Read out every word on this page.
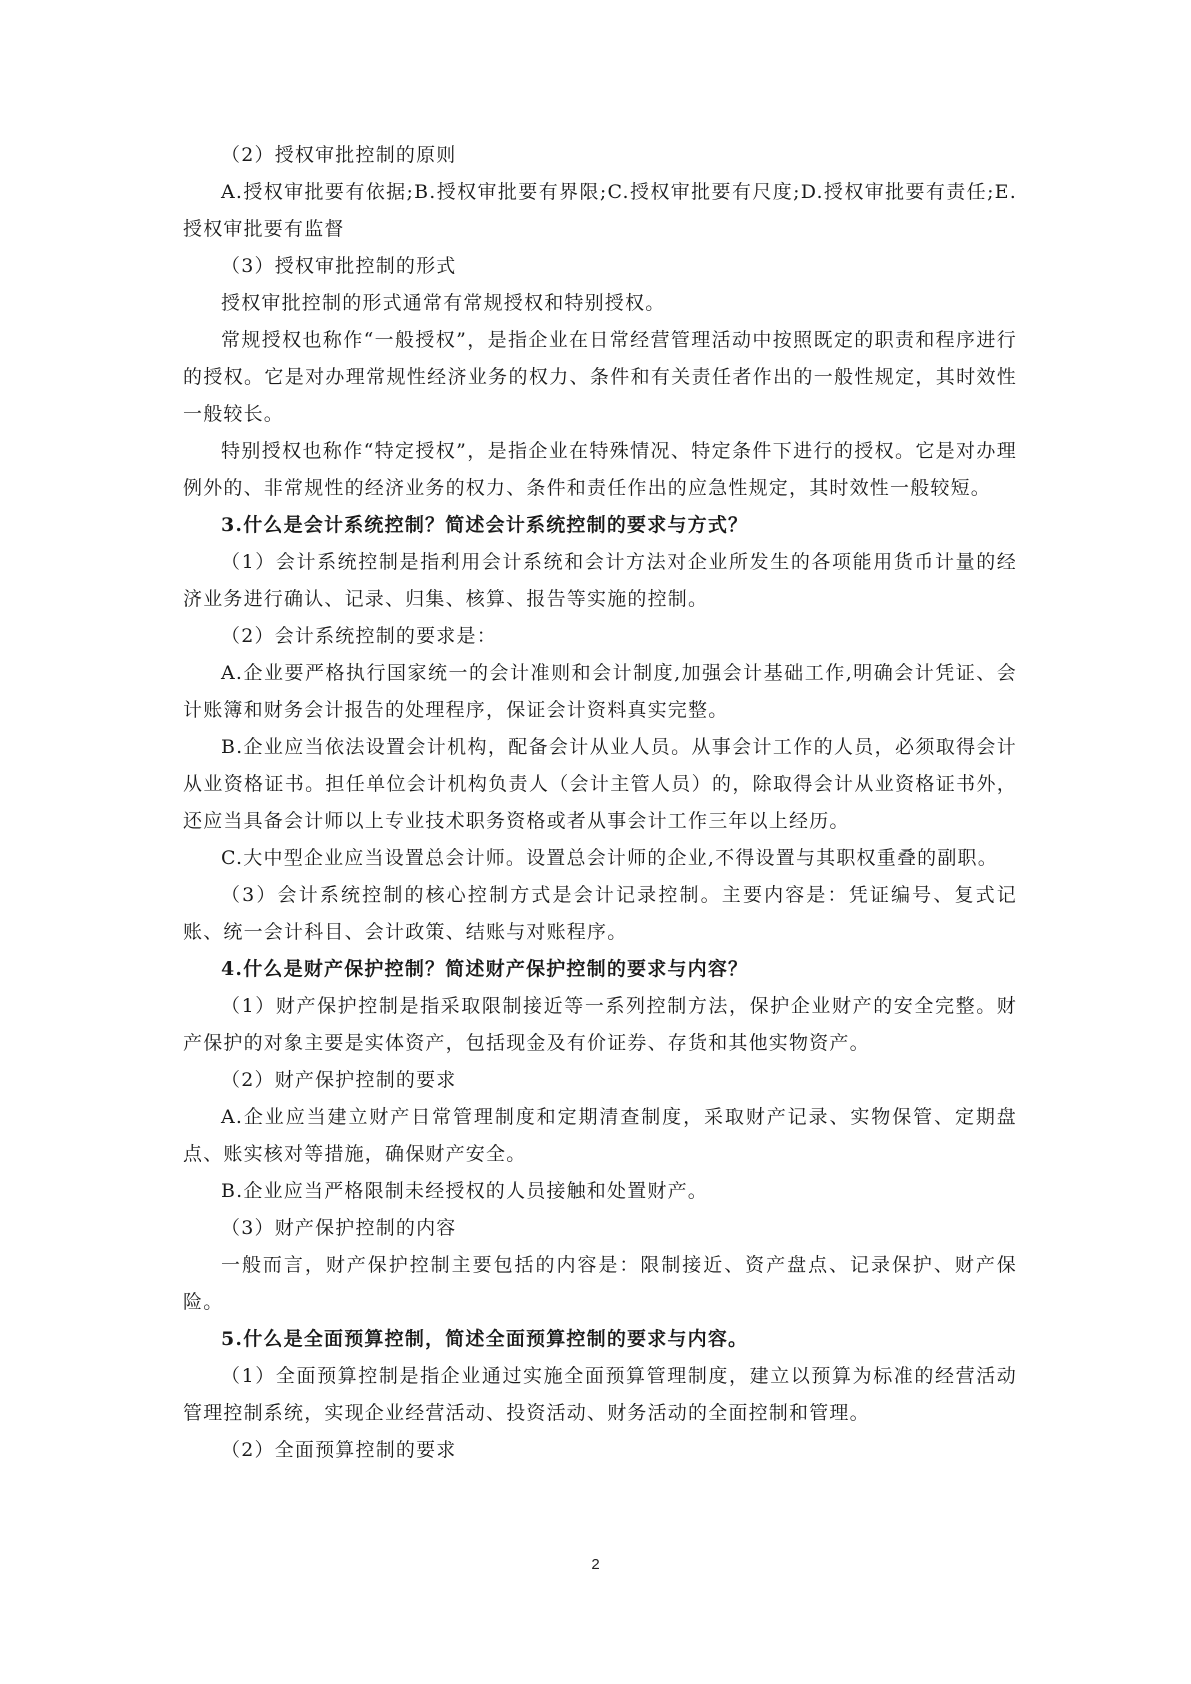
（2）授权审批控制的原则

A.授权审批要有依据;B.授权审批要有界限;C.授权审批要有尺度;D.授权审批要有责任;E.授权审批要有监督

（3）授权审批控制的形式

授权审批控制的形式通常有常规授权和特别授权。

常规授权也称作“一般授权”，是指企业在日常经营管理活动中按照既定的职责和程序进行的授权。它是对办理常规性经济业务的权力、条件和有关责任者作出的一般性规定，其时效性一般较长。

特别授权也称作“特定授权”，是指企业在特殊情况、特定条件下进行的授权。它是对办理例外的、非常规性的经济业务的权力、条件和责任作出的应急性规定，其时效性一般较短。

3.什么是会计系统控制？简述会计系统控制的要求与方式？

（1）会计系统控制是指利用会计系统和会计方法对企业所发生的各项能用货币计量的经济业务进行确认、记录、归集、核算、报告等实施的控制。

（2）会计系统控制的要求是：

A.企业要严格执行国家统一的会计准则和会计制度,加强会计基础工作,明确会计凭证、会计账簿和财务会计报告的处理程序，保证会计资料真实完整。

B.企业应当依法设置会计机构，配备会计从业人员。从事会计工作的人员，必须取得会计从业资格证书。担任单位会计机构负责人（会计主管人员）的，除取得会计从业资格证书外，还应当具备会计师以上专业技术职务资格或者从事会计工作三年以上经历。

C.大中型企业应当设置总会计师。设置总会计师的企业,不得设置与其职权重叠的副职。

（3）会计系统控制的核心控制方式是会计记录控制。主要内容是：凭证编号、复式记账、统一会计科目、会计政策、结账与对账程序。

4.什么是财产保护控制？简述财产保护控制的要求与内容？

（1）财产保护控制是指采取限制接近等一系列控制方法，保护企业财产的安全完整。财产保护的对象主要是实体资产，包括现金及有价证券、存货和其他实物资产。

（2）财产保护控制的要求

A.企业应当建立财产日常管理制度和定期清查制度，采取财产记录、实物保管、定期盘点、账实核对等措施，确保财产安全。

B.企业应当严格限制未经授权的人员接触和处置财产。

（3）财产保护控制的内容

一般而言，财产保护控制主要包括的内容是：限制接近、资产盘点、记录保护、财产保险。

5.什么是全面预算控制，简述全面预算控制的要求与内容。

（1）全面预算控制是指企业通过实施全面预算管理制度，建立以预算为标准的经营活动管理控制系统，实现企业经营活动、投资活动、财务活动的全面控制和管理。

（2）全面预算控制的要求

2
